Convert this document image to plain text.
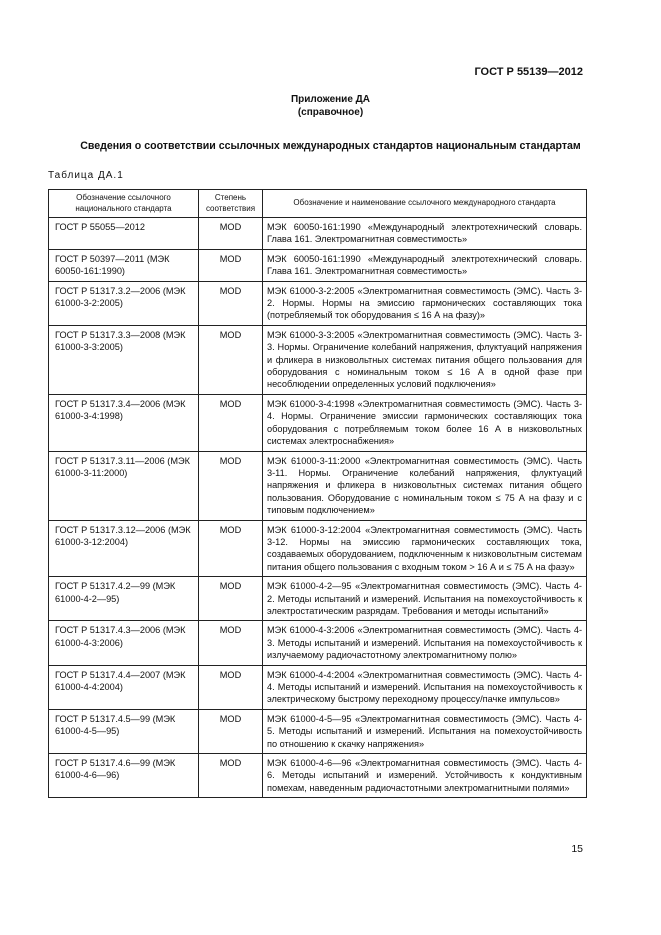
ГОСТ Р 55139—2012
Приложение ДА
(справочное)
Сведения о соответствии ссылочных международных стандартов национальным стандартам
Таблица ДА.1
Обозначение ссылочного национального стандарта	Степень соответствия	Обозначение и наименование ссылочного международного стандарта
ГОСТ Р 55055—2012	MOD	МЭК 60050-161:1990 «Международный электротехнический словарь. Глава 161. Электромагнитная совместимость»
ГОСТ Р 50397—2011 (МЭК 60050-161:1990)	MOD	МЭК 60050-161:1990 «Международный электротехнический словарь. Глава 161. Электромагнитная совместимость»
ГОСТ Р 51317.3.2—2006 (МЭК 61000-3-2:2005)	MOD	МЭК 61000-3-2:2005 «Электромагнитная совместимость (ЭМС). Часть 3-2. Нормы. Нормы на эмиссию гармонических составляющих тока (потребляемый ток оборудования ≤ 16 А на фазу)»
ГОСТ Р 51317.3.3—2008 (МЭК 61000-3-3:2005)	MOD	МЭК 61000-3-3:2005 «Электромагнитная совместимость (ЭМС). Часть 3-3. Нормы. Ограничение колебаний напряжения, флуктуаций напряжения и фликера в низковольтных системах питания общего пользования для оборудования с номинальным током ≤ 16 А в одной фазе при несоблюдении определенных условий подключения»
ГОСТ Р 51317.3.4—2006 (МЭК 61000-3-4:1998)	MOD	МЭК 61000-3-4:1998 «Электромагнитная совместимость (ЭМС). Часть 3-4. Нормы. Ограничение эмиссии гармонических составляющих тока оборудования с потребляемым током более 16 А в низковольтных системах электроснабжения»
ГОСТ Р 51317.3.11—2006 (МЭК 61000-3-11:2000)	MOD	МЭК 61000-3-11:2000 «Электромагнитная совместимость (ЭМС). Часть 3-11. Нормы. Ограничение колебаний напряжения, флуктуаций напряжения и фликера в низковольтных системах питания общего пользования. Оборудование с номинальным током ≤ 75 А на фазу и с типовым подключением»
ГОСТ Р 51317.3.12—2006 (МЭК 61000-3-12:2004)	MOD	МЭК 61000-3-12:2004 «Электромагнитная совместимость (ЭМС). Часть 3-12. Нормы на эмиссию гармонических составляющих тока, создаваемых оборудованием, подключенным к низковольтным системам питания общего пользования с входным током > 16 А и ≤ 75 А на фазу»
ГОСТ Р 51317.4.2—99 (МЭК 61000-4-2—95)	MOD	МЭК 61000-4-2—95 «Электромагнитная совместимость (ЭМС). Часть 4-2. Методы испытаний и измерений. Испытания на помехоустойчивость к электростатическим разрядам. Требования и методы испытаний»
ГОСТ Р 51317.4.3—2006 (МЭК 61000-4-3:2006)	MOD	МЭК 61000-4-3:2006 «Электромагнитная совместимость (ЭМС). Часть 4-3. Методы испытаний и измерений. Испытания на помехоустойчивость к излучаемому радиочастотному электромагнитному полю»
ГОСТ Р 51317.4.4—2007 (МЭК 61000-4-4:2004)	MOD	МЭК 61000-4-4:2004 «Электромагнитная совместимость (ЭМС). Часть 4-4. Методы испытаний и измерений. Испытания на помехоустойчивость к электрическому быстрому переходному процессу/пачке импульсов»
ГОСТ Р 51317.4.5—99 (МЭК 61000-4-5—95)	MOD	МЭК 61000-4-5—95 «Электромагнитная совместимость (ЭМС). Часть 4-5. Методы испытаний и измерений. Испытания на помехоустойчивость по отношению к скачку напряжения»
ГОСТ Р 51317.4.6—99 (МЭК 61000-4-6—96)	MOD	МЭК 61000-4-6—96 «Электромагнитная совместимость (ЭМС). Часть 4-6. Методы испытаний и измерений. Устойчивость к кондуктивным помехам, наведенным радиочастотными электромагнитными полями»
15
